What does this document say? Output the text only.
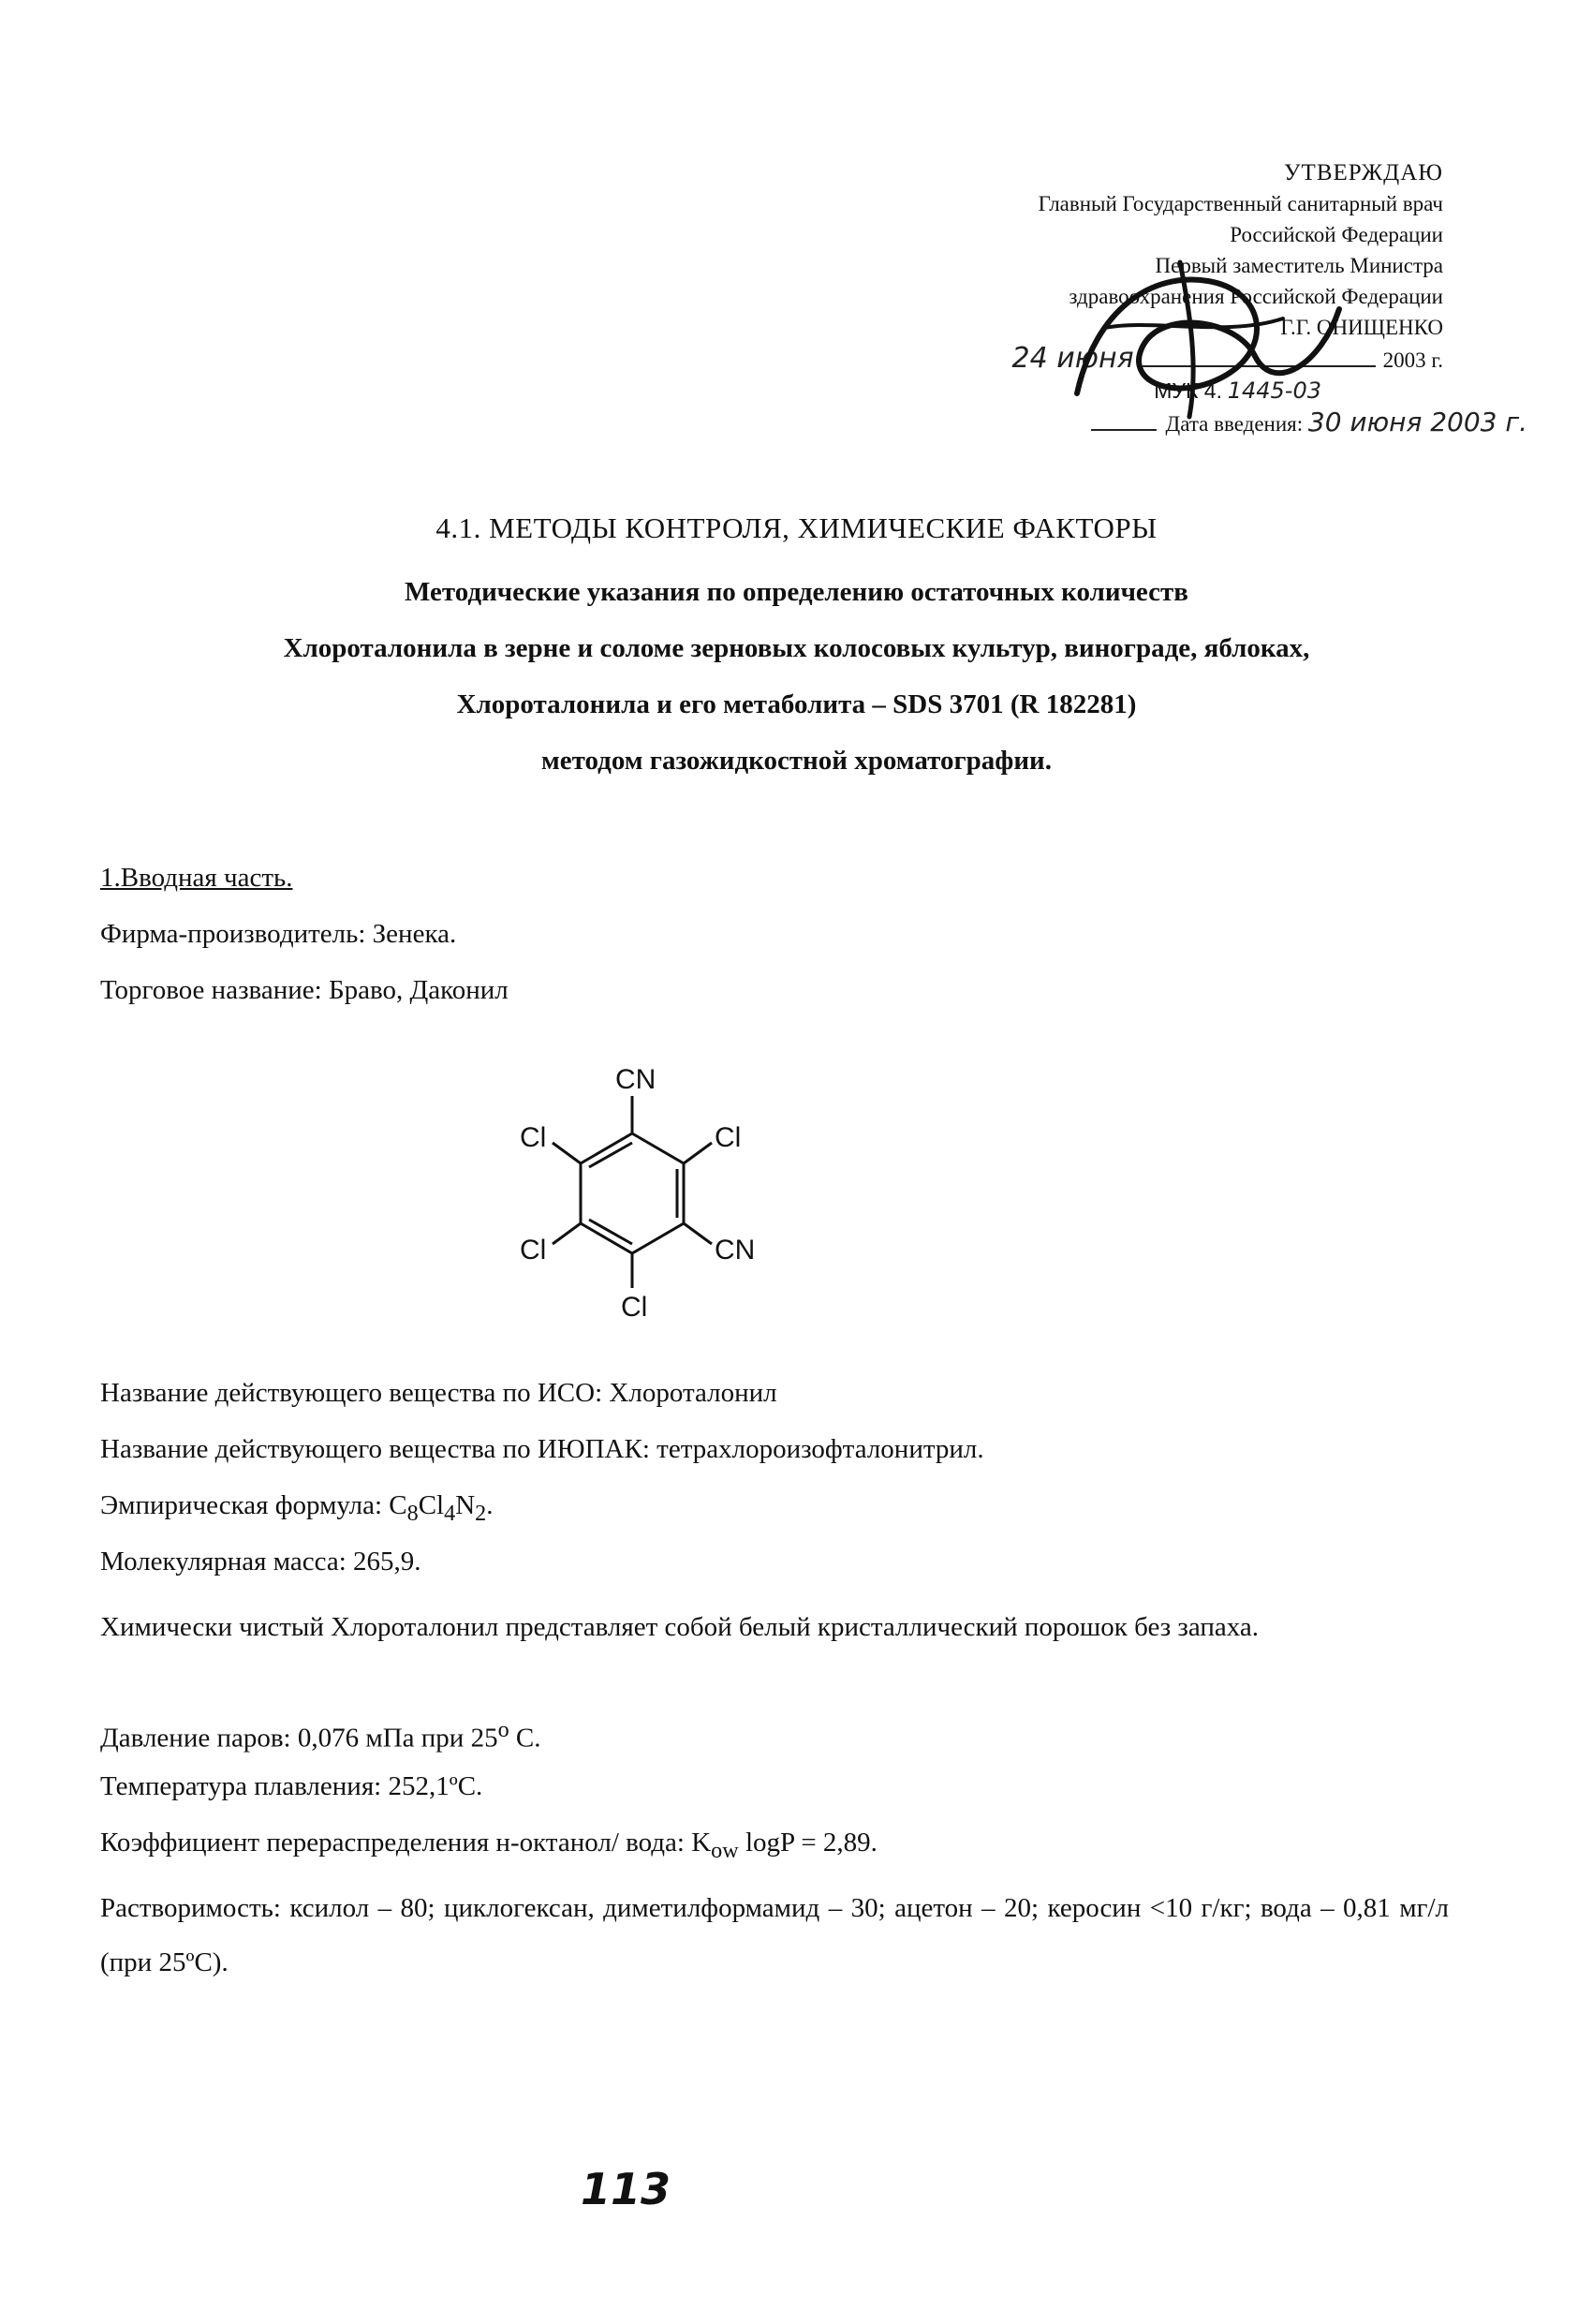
УТВЕРЖДАЮ
Главный Государственный санитарный врач
Российской Федерации
Первый заместитель Министра
здравоохранения Российской Федерации
Г.Г. ОНИЩЕНКО
24 июня	2003 г.
МУК 4. 1445-03
Дата введения: 30 июня 2003 г.
4.1. МЕТОДЫ КОНТРОЛЯ, ХИМИЧЕСКИЕ ФАКТОРЫ
Методические указания по определению остаточных количеств
Хлороталонила в зерне и соломе зерновых колосовых культур, винограде, яблоках,
Хлороталонила и его метаболита – SDS 3701 (R 182281)
методом газожидкостной хроматографии.

1.Вводная часть.

Фирма-производитель: Зенека.

Торговое название: Браво, Даконил

CN
Cl
CN
Cl
Cl
Cl

Название действующего вещества по ИСО: Хлороталонил

Название действующего вещества по ИЮПАК: тетрахлороизофталонитрил.

Эмпирическая формула: $C_8Cl_4N_2$.

Молекулярная масса: 265,9.

Химически чистый Хлороталонил представляет собой белый кристаллический порошок без запаха.

Давление паров: 0,076 мПа при 25$^o$ С.

Температура плавления: 252,1ºС.

Коэффициент перераспределения н-октанол/ вода: $K_{ow}$ logP = 2,89.

Растворимость: ксилол – 80; циклогексан, диметилформамид – 30; ацетон – 20; керосин <10 г/кг; вода – 0,81 мг/л (при 25ºС).

113
